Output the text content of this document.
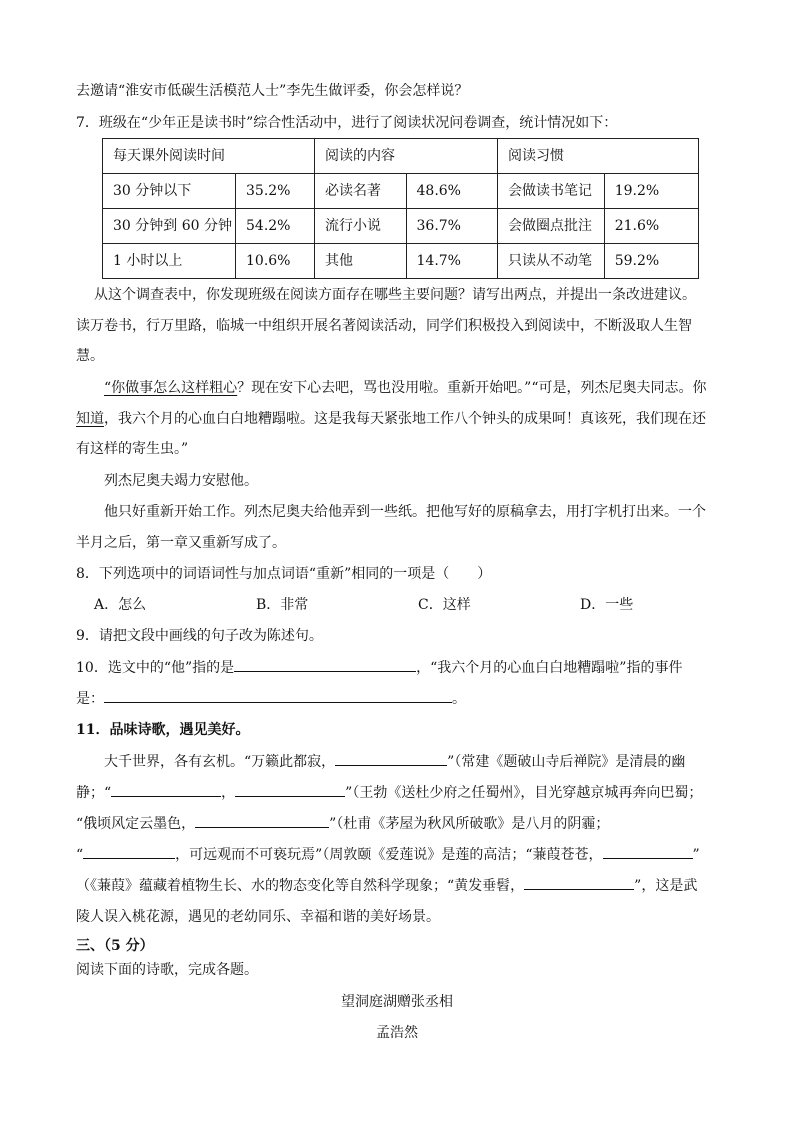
去邀请“淮安市低碳生活模范人士”李先生做评委，你会怎样说？
7．班级在“少年正是读书时”综合性活动中，进行了阅读状况问卷调查，统计情况如下：
每天课外阅读时间		阅读的内容		阅读习惯	
30 分钟以下	35.2%	必读名著	48.6%	会做读书笔记	19.2%
30 分钟到 60 分钟	54.2%	流行小说	36.7%	会做圈点批注	21.6%
1 小时以上	10.6%	其他	14.7%	只读从不动笔	59.2%
从这个调查表中，你发现班级在阅读方面存在哪些主要问题？请写出两点，并提出一条改进建议。
读万卷书，行万里路，临城一中组织开展名著阅读活动，同学们积极投入到阅读中，不断汲取人生智
慧。
“你做事怎么这样粗心？现在安下心去吧，骂也没用啦。重新开始吧。”“可是，列杰尼奥夫同志。你
知道，我六个月的心血白白地糟蹋啦。这是我每天紧张地工作八个钟头的成果呵！真该死，我们现在还
有这样的寄生虫。”
列杰尼奥夫竭力安慰他。
他只好重新开始工作。列杰尼奥夫给他弄到一些纸。把他写好的原稿拿去，用打字机打出来。一个
半月之后，第一章又重新写成了。
8．下列选项中的词语词性与加点词语“重新”相同的一项是（　　）
A．怎么	B．非常	C．这样	D．一些
9．请把文段中画线的句子改为陈述句。
10．选文中的“他”指的是	，“我六个月的心血白白地糟蹋啦”指的事件
是：	。
11．品味诗歌，遇见美好。
大千世界，各有玄机。“万籁此都寂，	”（常建《题破山寺后禅院》是清晨的幽
静；“	，	”（王勃《送杜少府之任蜀州》，目光穿越京城再奔向巴蜀；
“俄顷风定云墨色，	”（杜甫《茅屋为秋风所破歌》是八月的阴霾；
“	，可远观而不可亵玩焉”（周敦颐《爱莲说》是莲的高洁；“蒹葭苍苍，	”
（《蒹葭》蕴藏着植物生长、水的物态变化等自然科学现象；“黄发垂髫，	”，这是武
陵人误入桃花源，遇见的老幼同乐、幸福和谐的美好场景。
三、（5 分）
阅读下面的诗歌，完成各题。
望洞庭湖赠张丞相
孟浩然
